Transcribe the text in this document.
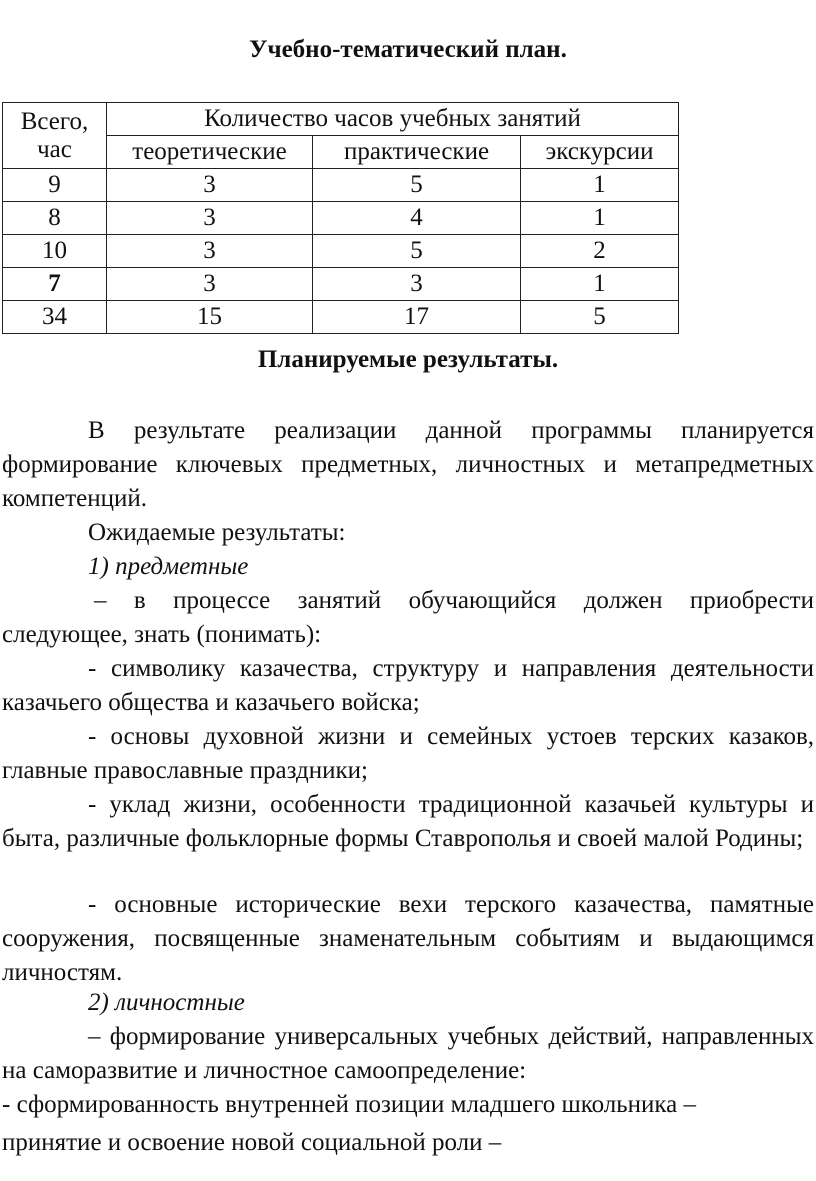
Учебно-тематический план.
Всего, час	Количество часов учебных занятий		
	теоретические	практические	экскурсии
9	3	5	1
8	3	4	1
10	3	5	2
7	3	3	1
34	15	17	5
Планируемые результаты.

В результате реализации данной программы планируется формирование ключевых предметных, личностных и метапредметных компетенций.

Ожидаемые результаты:

1) предметные

– в процессе занятий обучающийся должен приобрести следующее, знать (понимать):

- символику казачества, структуру и направления деятельности казачьего общества и казачьего войска;

- основы духовной жизни и семейных устоев терских казаков, главные православные праздники;

- уклад жизни, особенности традиционной казачьей культуры и быта, различные фольклорные формы Ставрополья и своей малой Родины;

- основные исторические вехи терского казачества, памятные сооружения, посвященные знаменательным событиям и выдающимся личностям.

2) личностные

– формирование универсальных учебных действий, направленных на саморазвитие и личностное самоопределение:

- сформированность внутренней позиции младшего школьника –

принятие и освоение новой социальной роли –
